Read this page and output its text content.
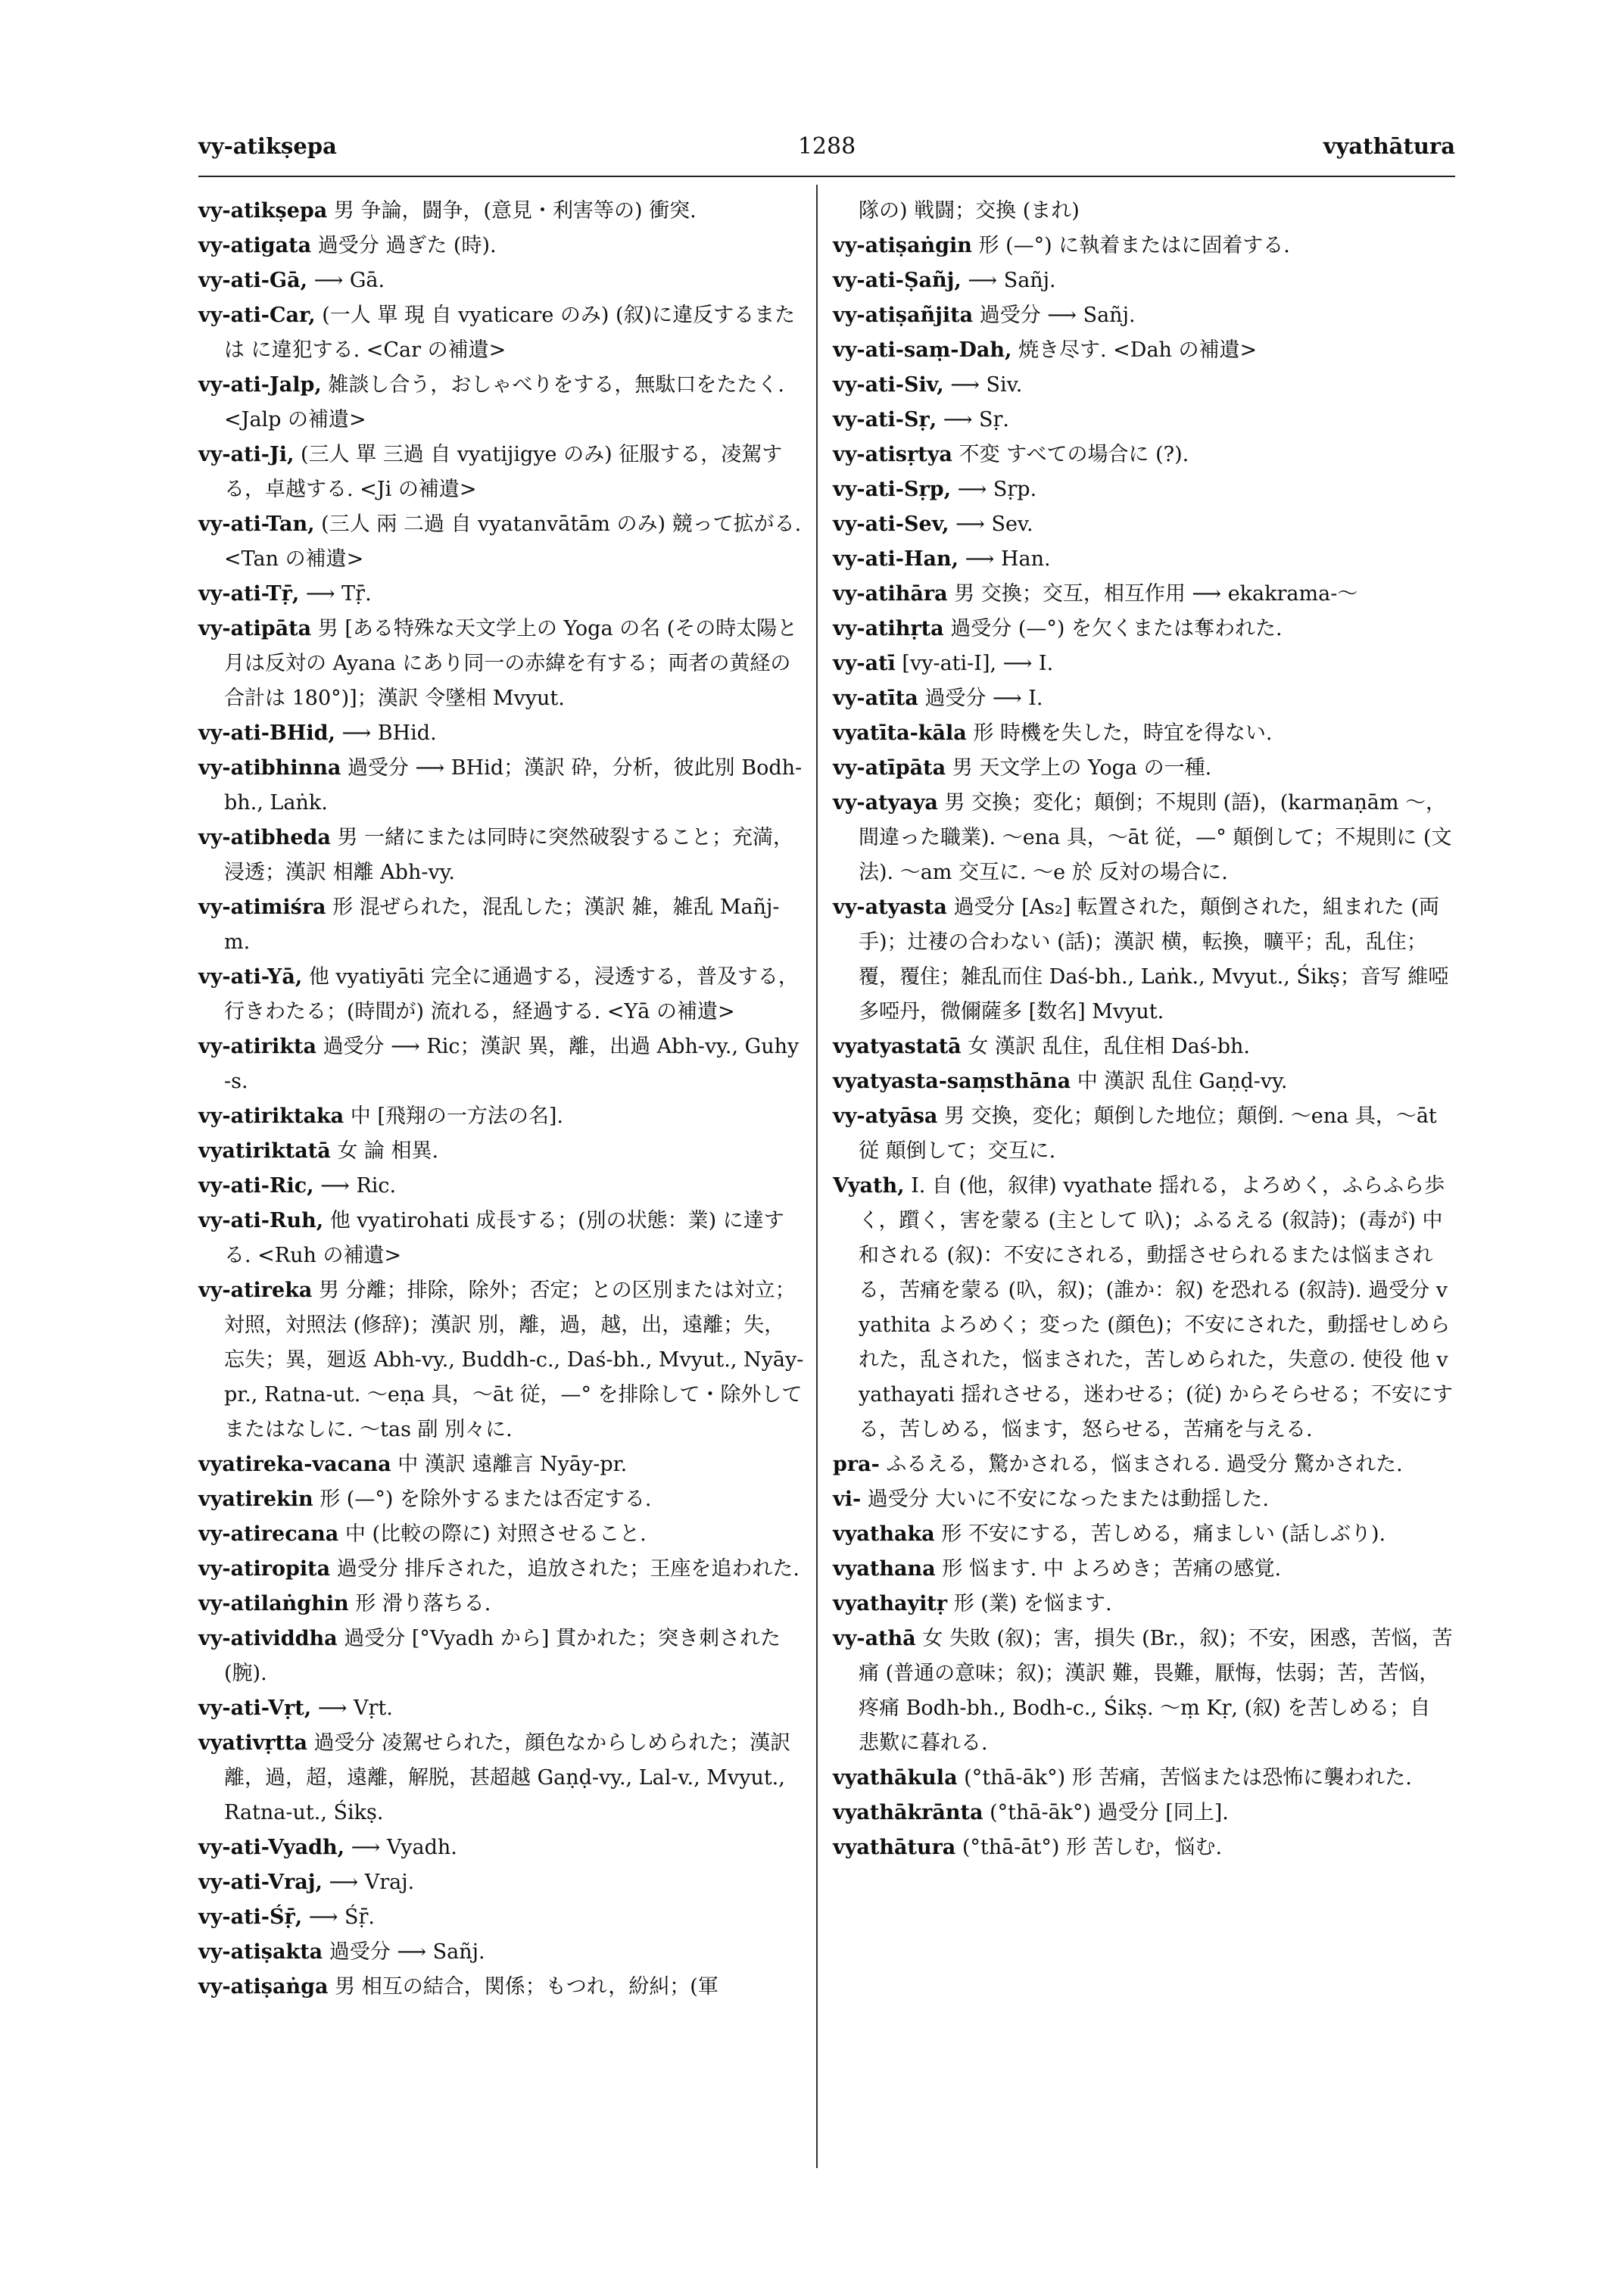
vy-atikṣepa	1288	vyathātura

vy-atikṣepa 男 争論，闘争，(意見・利害等の) 衝突.

vy-atigata 過受分 過ぎた (時).

vy-ati-Gā, ⟶ Gā.

vy-ati-Car, (一人 單 現 自 vyaticare のみ) (叙)に違反するまたは に違犯する. <Car の補遺>

vy-ati-Jalp, 雑談し合う，おしゃべりをする，無駄口をたたく. <Jalp の補遺>

vy-ati-Ji, (三人 單 三過 自 vyatijigye のみ) 征服する，凌駕する，卓越する. <Ji の補遺>

vy-ati-Tan, (三人 兩 二過 自 vyatanvātām のみ) 競って拡がる. <Tan の補遺>

vy-ati-Tṝ, ⟶ Tṝ.

vy-atipāta 男 [ある特殊な天文学上の Yoga の名 (その時太陽と月は反対の Ayana にあり同一の赤緯を有する；両者の黄経の合計は 180°)]；漢訳 令墜相 Mvyut.

vy-ati-BHid, ⟶ BHid.

vy-atibhinna 過受分 ⟶ BHid；漢訳 砕，分析，彼此別 Bodh-bh., Laṅk.

vy-atibheda 男 一緒にまたは同時に突然破裂すること；充満，浸透；漢訳 相離 Abh-vy.

vy-atimiśra 形 混ぜられた，混乱した；漢訳 雑，雑乱 Mañj-m.

vy-ati-Yā, 他 vyatiyāti 完全に通過する，浸透する，普及する，行きわたる；(時間が) 流れる，経過する. <Yā の補遺>

vy-atirikta 過受分 ⟶ Ric；漢訳 異，離，出過 Abh-vy., Guhy-s.

vy-atiriktaka 中 [飛翔の一方法の名].

vyatiriktatā 女 論 相異.

vy-ati-Ric, ⟶ Ric.

vy-ati-Ruh, 他 vyatirohati 成長する；(別の状態：業) に達する. <Ruh の補遺>

vy-atireka 男 分離；排除，除外；否定；との区別または対立；対照，対照法 (修辞)；漢訳 別，離，過，越，出，遠離；失，忘失；異，廻返 Abh-vy., Buddh-c., Daś-bh., Mvyut., Nyāy-pr., Ratna-ut. ～eṇa 具，～āt 従，—° を排除して・除外してまたはなしに. ～tas 副 別々に.

vyatireka-vacana 中 漢訳 遠離言 Nyāy-pr.

vyatirekin 形 (—°) を除外するまたは否定する.

vy-atirecana 中 (比較の際に) 対照させること.

vy-atiropita 過受分 排斥された，追放された；王座を追われた.

vy-atilaṅghin 形 滑り落ちる.

vy-atividdha 過受分 [°Vyadh から] 貫かれた；突き刺された (腕).

vy-ati-Vṛt, ⟶ Vṛt.

vyativṛtta 過受分 凌駕せられた，顔色なからしめられた；漢訳 離，過，超，遠離，解脱，甚超越 Gaṇḍ-vy., Lal-v., Mvyut., Ratna-ut., Śikṣ.

vy-ati-Vyadh, ⟶ Vyadh.

vy-ati-Vraj, ⟶ Vraj.

vy-ati-Śṝ, ⟶ Śṝ.

vy-atiṣakta 過受分 ⟶ Sañj.

vy-atiṣaṅga 男 相互の結合，関係；もつれ，紛糾；(軍

隊の) 戦闘；交換 (まれ)

vy-atiṣaṅgin 形 (—°) に執着またはに固着する.

vy-ati-Ṣañj, ⟶ Sañj.

vy-atiṣañjita 過受分 ⟶ Sañj.

vy-ati-saṃ-Dah, 焼き尽す. <Dah の補遺>

vy-ati-Siv, ⟶ Siv.

vy-ati-Sṛ, ⟶ Sṛ.

vy-atisṛtya 不変 すべての場合に (?).

vy-ati-Sṛp, ⟶ Sṛp.

vy-ati-Sev, ⟶ Sev.

vy-ati-Han, ⟶ Han.

vy-atihāra 男 交換；交互，相互作用 ⟶ ekakrama-～

vy-atihṛta 過受分 (—°) を欠くまたは奪われた.

vy-atī [vy-ati-I], ⟶ I.

vy-atīta 過受分 ⟶ I.

vyatīta-kāla 形 時機を失した，時宜を得ない.

vy-atīpāta 男 天文学上の Yoga の一種.

vy-atyaya 男 交換；変化；顛倒；不規則 (語)，(karmaṇām ～，間違った職業). ～ena 具，～āt 従，—° 顛倒して；不規則に (文法). ～am 交互に. ～e 於 反対の場合に.

vy-atyasta 過受分 [As₂] 転置された，顛倒された，組まれた (両手)；辻褄の合わない (話)；漢訳 横，転換，曠平；乱，乱住；覆，覆住；雑乱而住 Daś-bh., Laṅk., Mvyut., Śikṣ；音写 維啞多啞丹，微儞薩多 [数名] Mvyut.

vyatyastatā 女 漢訳 乱住，乱住相 Daś-bh.

vyatyasta-saṃsthāna 中 漢訳 乱住 Gaṇḍ-vy.

vy-atyāsa 男 交換，変化；顛倒した地位；顛倒. ～ena 具，～āt 従 顛倒して；交互に.

Vyath, I. 自 (他，叙律) vyathate 揺れる，よろめく，ふらふら歩く，躓く，害を蒙る (主として 叺)；ふるえる (叙詩)；(毒が) 中和される (叙)：不安にされる，動揺させられるまたは悩まされる，苦痛を蒙る (叺，叙)；(誰か：叙) を恐れる (叙詩). 過受分 vyathita よろめく；変った (顔色)；不安にされた，動揺せしめられた，乱された，悩まされた，苦しめられた，失意の. 使役 他 vyathayati 揺れさせる，迷わせる；(従) からそらせる；不安にする，苦しめる，悩ます，怒らせる，苦痛を与える.

pra- ふるえる，驚かされる，悩まされる. 過受分 驚かされた.

vi- 過受分 大いに不安になったまたは動揺した.

vyathaka 形 不安にする，苦しめる，痛ましい (話しぶり).

vyathana 形 悩ます. 中 よろめき；苦痛の感覚.

vyathayitṛ 形 (業) を悩ます.

vy-athā 女 失敗 (叙)；害，損失 (Br.，叙)；不安，困惑，苦悩，苦痛 (普通の意味；叙)；漢訳 難，畏難，厭悔，怯弱；苦，苦悩，疼痛 Bodh-bh., Bodh-c., Śikṣ. ～ṃ Kṛ, (叙) を苦しめる；自 悲歎に暮れる.

vyathākula (°thā-āk°) 形 苦痛，苦悩または恐怖に襲われた.

vyathākrānta (°thā-āk°) 過受分 [同上].

vyathātura (°thā-āt°) 形 苦しむ，悩む.
